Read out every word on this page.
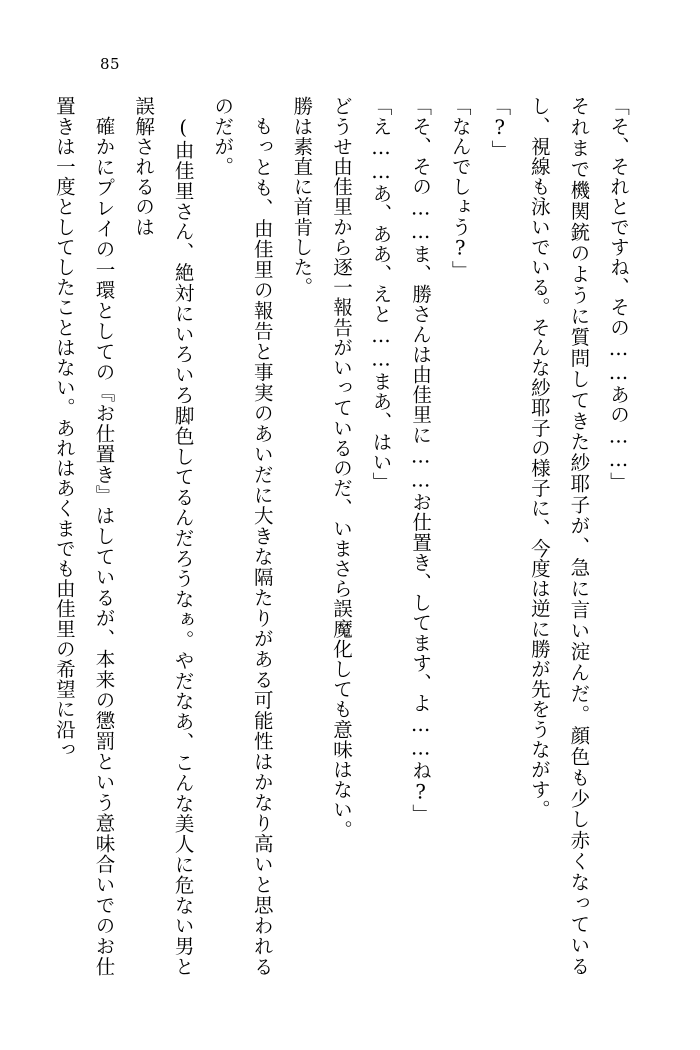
85

「そ、それとですね、その……あの……」

それまで機関銃のように質問してきた紗耶子が、急に言い淀んだ。顔色も少し赤くなっているし、視線も泳いでいる。そんな紗耶子の様子に、今度は逆に勝が先をうながす。

「?」

「なんでしょう?」

「そ、その……ま、勝さんは由佳里に……お仕置き、してます、よ……ね?」

「え……あ、ああ、えと……まあ、はい」

どうせ由佳里から逐一報告がいっているのだ、いまさら誤魔化しても意味はない。

勝は素直に首肯した。

もっとも、由佳里の報告と事実のあいだに大きな隔たりがある可能性はかなり高いと思われるのだが。

(由佳里さん、絶対にいろいろ脚色してるんだろうなぁ。やだなあ、こんな美人に危ない男と誤解されるのは

確かにプレイの一環としての『お仕置き』はしているが、本来の懲罰という意味合いでのお仕置きは一度としてしたことはない。あれはあくまでも由佳里の希望に沿っ
